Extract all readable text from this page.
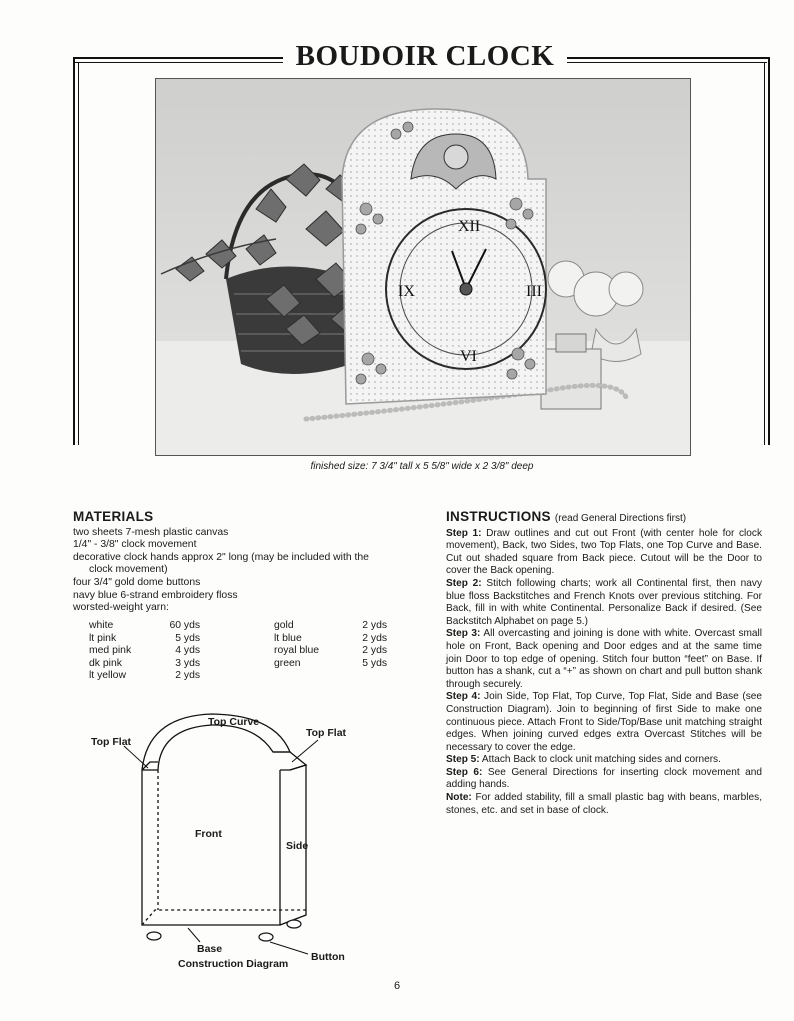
BOUDOIR CLOCK
XII
IX	III
VI
finished size: 7 3/4" tall x 5 5/8" wide x 2 3/8" deep
MATERIALS
two sheets 7-mesh plastic canvas
1/4" - 3/8" clock movement
decorative clock hands approx 2" long (may be included with the
clock movement)
four 3/4" gold dome buttons
navy blue 6-strand embroidery floss
worsted-weight yarn:
white	60 yds
lt pink	5 yds
med pink	4 yds
dk pink	3 yds
lt yellow	2 yds
gold	2 yds
lt blue	2 yds
royal blue	2 yds
green	5 yds
INSTRUCTIONS (read General Directions first)

Step 1: Draw outlines and cut out Front (with center hole for clock movement), Back, two Sides, two Top Flats, one Top Curve and Base. Cut out shaded square from Back piece. Cutout will be the Door to cover the Back opening.

Step 2: Stitch following charts; work all Continental first, then navy blue floss Backstitches and French Knots over previous stitching. For Back, fill in with white Continental. Personalize Back if desired. (See Backstitch Alphabet on page 5.)

Step 3: All overcasting and joining is done with white. Overcast small hole on Front, Back opening and Door edges and at the same time join Door to top edge of opening. Stitch four button “feet” on Base. If button has a shank, cut a “+” as shown on chart and pull button shank through securely.

Step 4: Join Side, Top Flat, Top Curve, Top Flat, Side and Base (see Construction Diagram). Join to beginning of first Side to make one continuous piece. Attach Front to Side/Top/Base unit matching straight edges. When joining curved edges extra Overcast Stitches will be necessary to cover the edge.

Step 5: Attach Back to clock unit matching sides and corners.

Step 6: See General Directions for inserting clock movement and adding hands.

Note: For added stability, fill a small plastic bag with beans, marbles, stones, etc. and set in base of clock.

Top Curve
Top Flat
Top Flat
Front
Side
Base
Construction Diagram
Button
6
